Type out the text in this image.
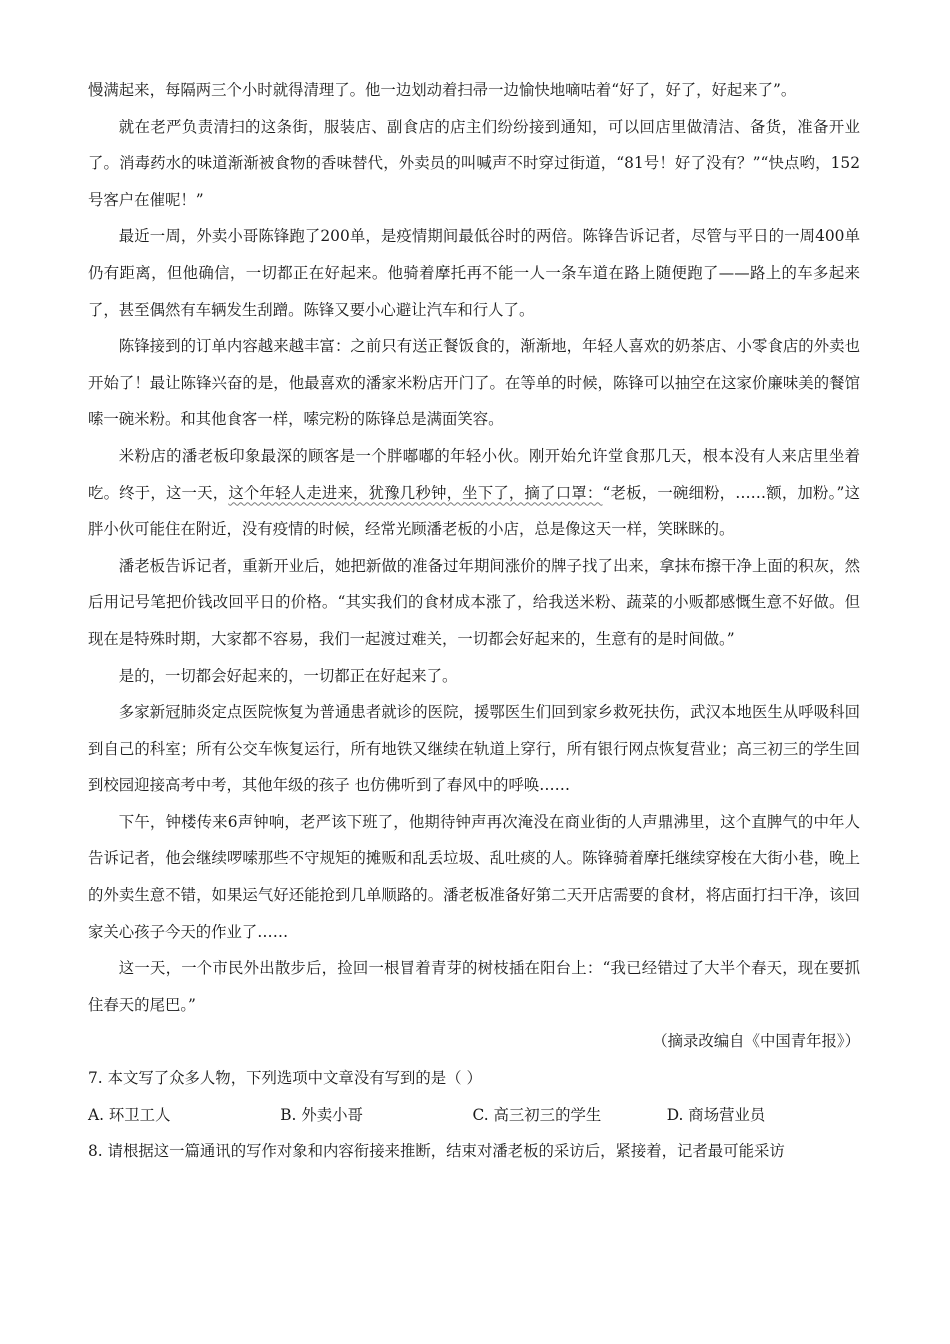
慢满起来，每隔两三个小时就得清理了。他一边划动着扫帚一边愉快地嘀咕着“好了，好了，好起来了”。

就在老严负责清扫的这条街，服装店、副食店的店主们纷纷接到通知，可以回店里做清洁、备货，准备开业了。消毒药水的味道渐渐被食物的香味替代，外卖员的叫喊声不时穿过街道，“81号！好了没有？”“快点哟，152号客户在催呢！”

最近一周，外卖小哥陈锋跑了200单，是疫情期间最低谷时的两倍。陈锋告诉记者，尽管与平日的一周400单仍有距离，但他确信，一切都正在好起来。他骑着摩托再不能一人一条车道在路上随便跑了——路上的车多起来了，甚至偶然有车辆发生刮蹭。陈锋又要小心避让汽车和行人了。

陈锋接到的订单内容越来越丰富：之前只有送正餐饭食的，渐渐地，年轻人喜欢的奶茶店、小零食店的外卖也开始了！最让陈锋兴奋的是，他最喜欢的潘家米粉店开门了。在等单的时候，陈锋可以抽空在这家价廉味美的餐馆嗦一碗米粉。和其他食客一样，嗦完粉的陈锋总是满面笑容。

米粉店的潘老板印象最深的顾客是一个胖嘟嘟的年轻小伙。刚开始允许堂食那几天，根本没有人来店里坐着吃。终于，这一天，这个年轻人走进来，犹豫几秒钟，坐下了，摘了口罩：“老板，一碗细粉，……额，加粉。”这胖小伙可能住在附近，没有疫情的时候，经常光顾潘老板的小店，总是像这天一样，笑眯眯的。

潘老板告诉记者，重新开业后，她把新做的准备过年期间涨价的牌子找了出来，拿抹布擦干净上面的积灰，然后用记号笔把价钱改回平日的价格。“其实我们的食材成本涨了，给我送米粉、蔬菜的小贩都感慨生意不好做。但现在是特殊时期，大家都不容易，我们一起渡过难关，一切都会好起来的，生意有的是时间做。”

是的，一切都会好起来的，一切都正在好起来了。

多家新冠肺炎定点医院恢复为普通患者就诊的医院，援鄂医生们回到家乡救死扶伤，武汉本地医生从呼吸科回到自己的科室；所有公交车恢复运行，所有地铁又继续在轨道上穿行，所有银行网点恢复营业；高三初三的学生回到校园迎接高考中考，其他年级的孩子 也仿佛听到了春风中的呼唤……

下午，钟楼传来6声钟响，老严该下班了，他期待钟声再次淹没在商业街的人声鼎沸里，这个直脾气的中年人告诉记者，他会继续啰嗦那些不守规矩的摊贩和乱丢垃圾、乱吐痰的人。陈锋骑着摩托继续穿梭在大街小巷，晚上的外卖生意不错，如果运气好还能抢到几单顺路的。潘老板准备好第二天开店需要的食材，将店面打扫干净，该回家关心孩子今天的作业了……

这一天，一个市民外出散步后，捡回一根冒着青芽的树枝插在阳台上：“我已经错过了大半个春天，现在要抓住春天的尾巴。”

（摘录改编自《中国青年报》）

7. 本文写了众多人物，下列选项中文章没有写到的是（ ）

A. 环卫工人	B. 外卖小哥	C. 高三初三的学生	D. 商场营业员

8. 请根据这一篇通讯的写作对象和内容衔接来推断，结束对潘老板的采访后，紧接着，记者最可能采访
